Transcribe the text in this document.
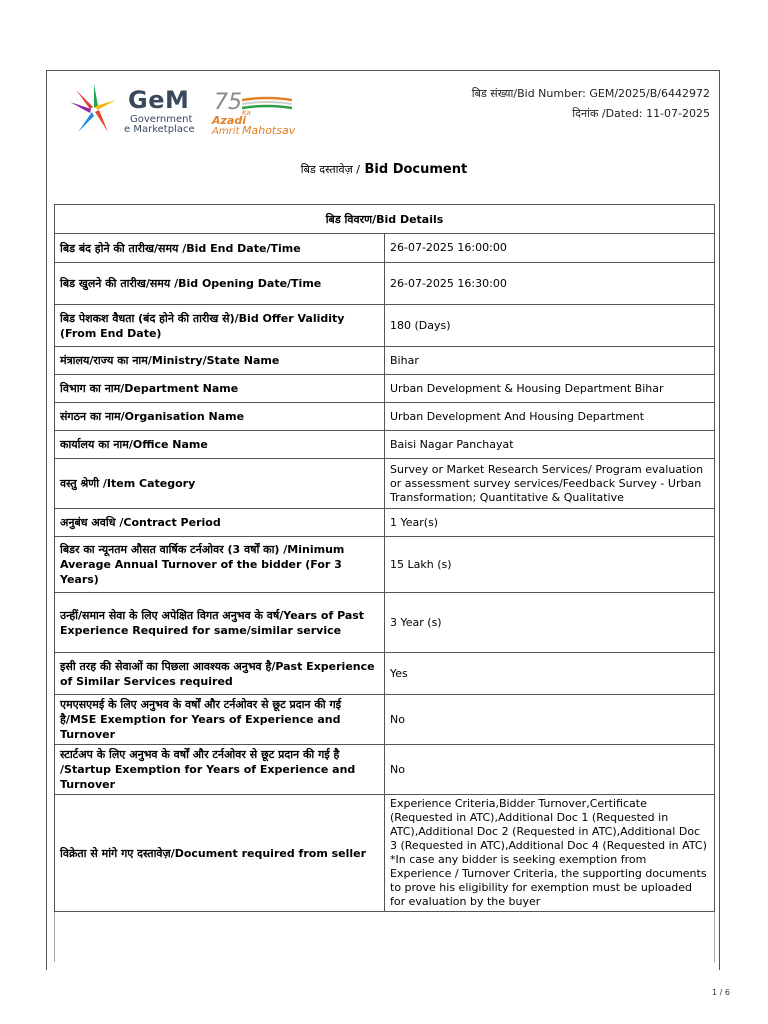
GeM
Government
e Marketplace
75
Azadi
Ka
Amrit Mahotsav
बिड संख्या/Bid Number: GEM/2025/B/6442972
दिनांक /Dated: 11-07-2025
बिड दस्तावेज़ / Bid Document
बिड विवरण/Bid Details	
बिड बंद होने की तारीख/समय /Bid End Date/Time	26-07-2025 16:00:00
बिड खुलने की तारीख/समय /Bid Opening Date/Time	26-07-2025 16:30:00
बिड पेशकश वैधता (बंद होने की तारीख से)/Bid Offer Validity (From End Date)	180 (Days)
मंत्रालय/राज्य का नाम/Ministry/State Name	Bihar
विभाग का नाम/Department Name	Urban Development & Housing Department Bihar
संगठन का नाम/Organisation Name	Urban Development And Housing Department
कार्यालय का नाम/Office Name	Baisi Nagar Panchayat
वस्तु श्रेणी /Item Category	Survey or Market Research Services/ Program evaluation or assessment survey services/Feedback Survey - Urban Transformation; Quantitative & Qualitative
अनुबंध अवधि /Contract Period	1 Year(s)
बिडर का न्यूनतम औसत वार्षिक टर्नओवर (3 वर्षों का) /Minimum Average Annual Turnover of the bidder (For 3 Years)	15 Lakh (s)
उन्हीं/समान सेवा के लिए अपेक्षित विगत अनुभव के वर्ष/Years of Past Experience Required for same/similar service	3 Year (s)
इसी तरह की सेवाओं का पिछला आवश्यक अनुभव है/Past Experience of Similar Services required	Yes
एमएसएमई के लिए अनुभव के वर्षों और टर्नओवर से छूट प्रदान की गई है/MSE Exemption for Years of Experience and Turnover	No
स्टार्टअप के लिए अनुभव के वर्षों और टर्नओवर से छूट प्रदान की गई है /Startup Exemption for Years of Experience and Turnover	No
विक्रेता से मांगे गए दस्तावेज़/Document required from seller	Experience Criteria,Bidder Turnover,Certificate (Requested in ATC),Additional Doc 1 (Requested in ATC),Additional Doc 2 (Requested in ATC),Additional Doc 3 (Requested in ATC),Additional Doc 4 (Requested in ATC)
*In case any bidder is seeking exemption from Experience / Turnover Criteria, the supporting documents to prove his eligibility for exemption must be uploaded for evaluation by the buyer
1 / 6
